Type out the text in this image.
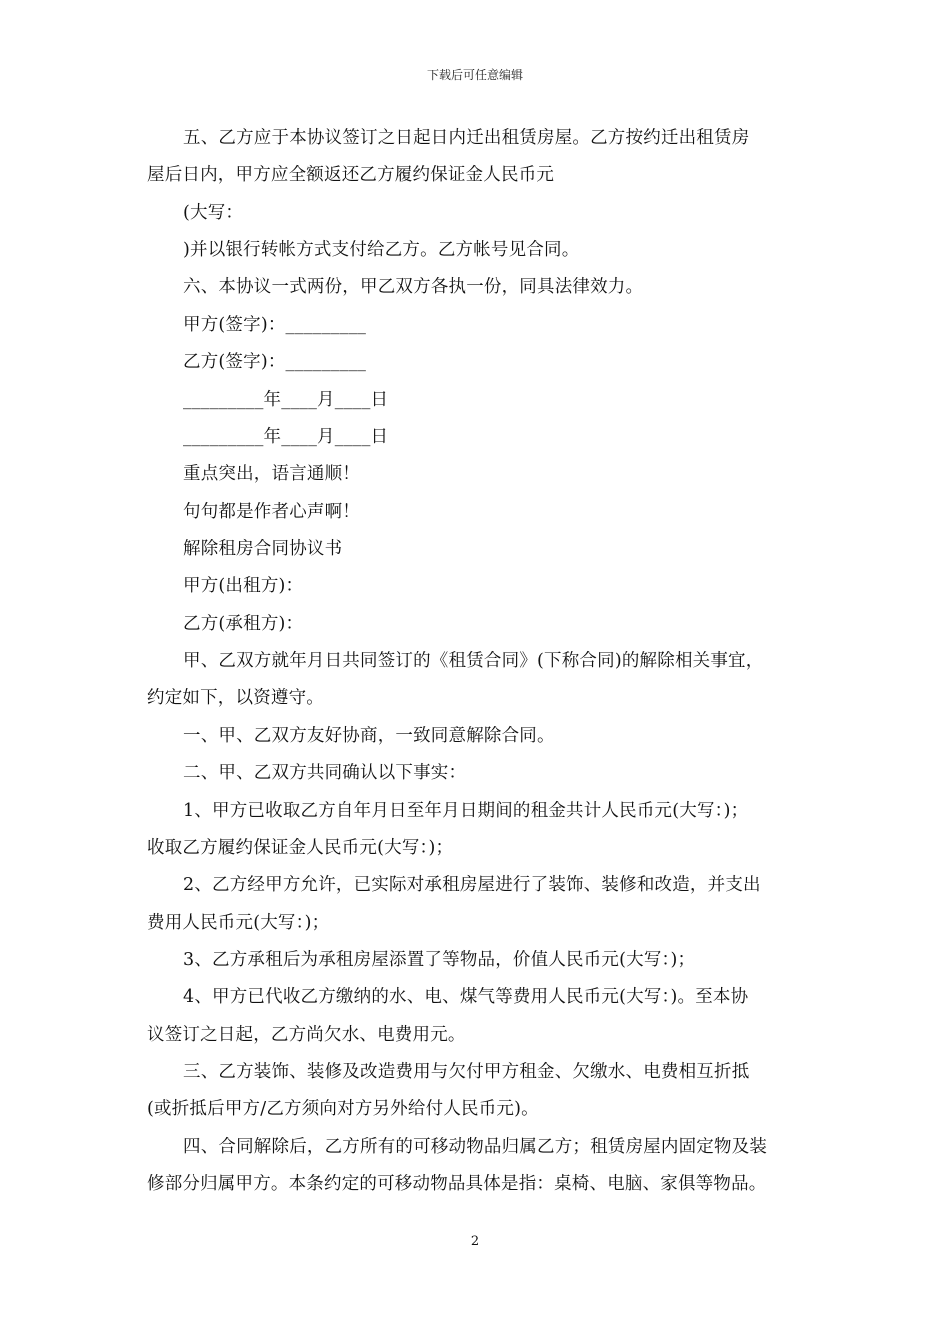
下载后可任意编辑
五、乙方应于本协议签订之日起日内迁出租赁房屋。乙方按约迁出租赁房
屋后日内，甲方应全额返还乙方履约保证金人民币元
(大写：
)并以银行转帐方式支付给乙方。乙方帐号见合同。
六、本协议一式两份，甲乙双方各执一份，同具法律效力。
甲方(签字)：_________
乙方(签字)：_________
_________年____月____日
_________年____月____日
重点突出，语言通顺！
句句都是作者心声啊！
解除租房合同协议书
甲方(出租方)：
乙方(承租方)：
甲、乙双方就年月日共同签订的《租赁合同》(下称合同)的解除相关事宜，
约定如下，以资遵守。
一、甲、乙双方友好协商，一致同意解除合同。
二、甲、乙双方共同确认以下事实：
1、甲方已收取乙方自年月日至年月日期间的租金共计人民币元(大写：)；
收取乙方履约保证金人民币元(大写：)；
2、乙方经甲方允许，已实际对承租房屋进行了装饰、装修和改造，并支出
费用人民币元(大写：)；
3、乙方承租后为承租房屋添置了等物品，价值人民币元(大写：)；
4、甲方已代收乙方缴纳的水、电、煤气等费用人民币元(大写：)。至本协
议签订之日起，乙方尚欠水、电费用元。
三、乙方装饰、装修及改造费用与欠付甲方租金、欠缴水、电费相互折抵
(或折抵后甲方/乙方须向对方另外给付人民币元)。
四、合同解除后，乙方所有的可移动物品归属乙方；租赁房屋内固定物及装
修部分归属甲方。本条约定的可移动物品具体是指：桌椅、电脑、家俱等物品。
2
